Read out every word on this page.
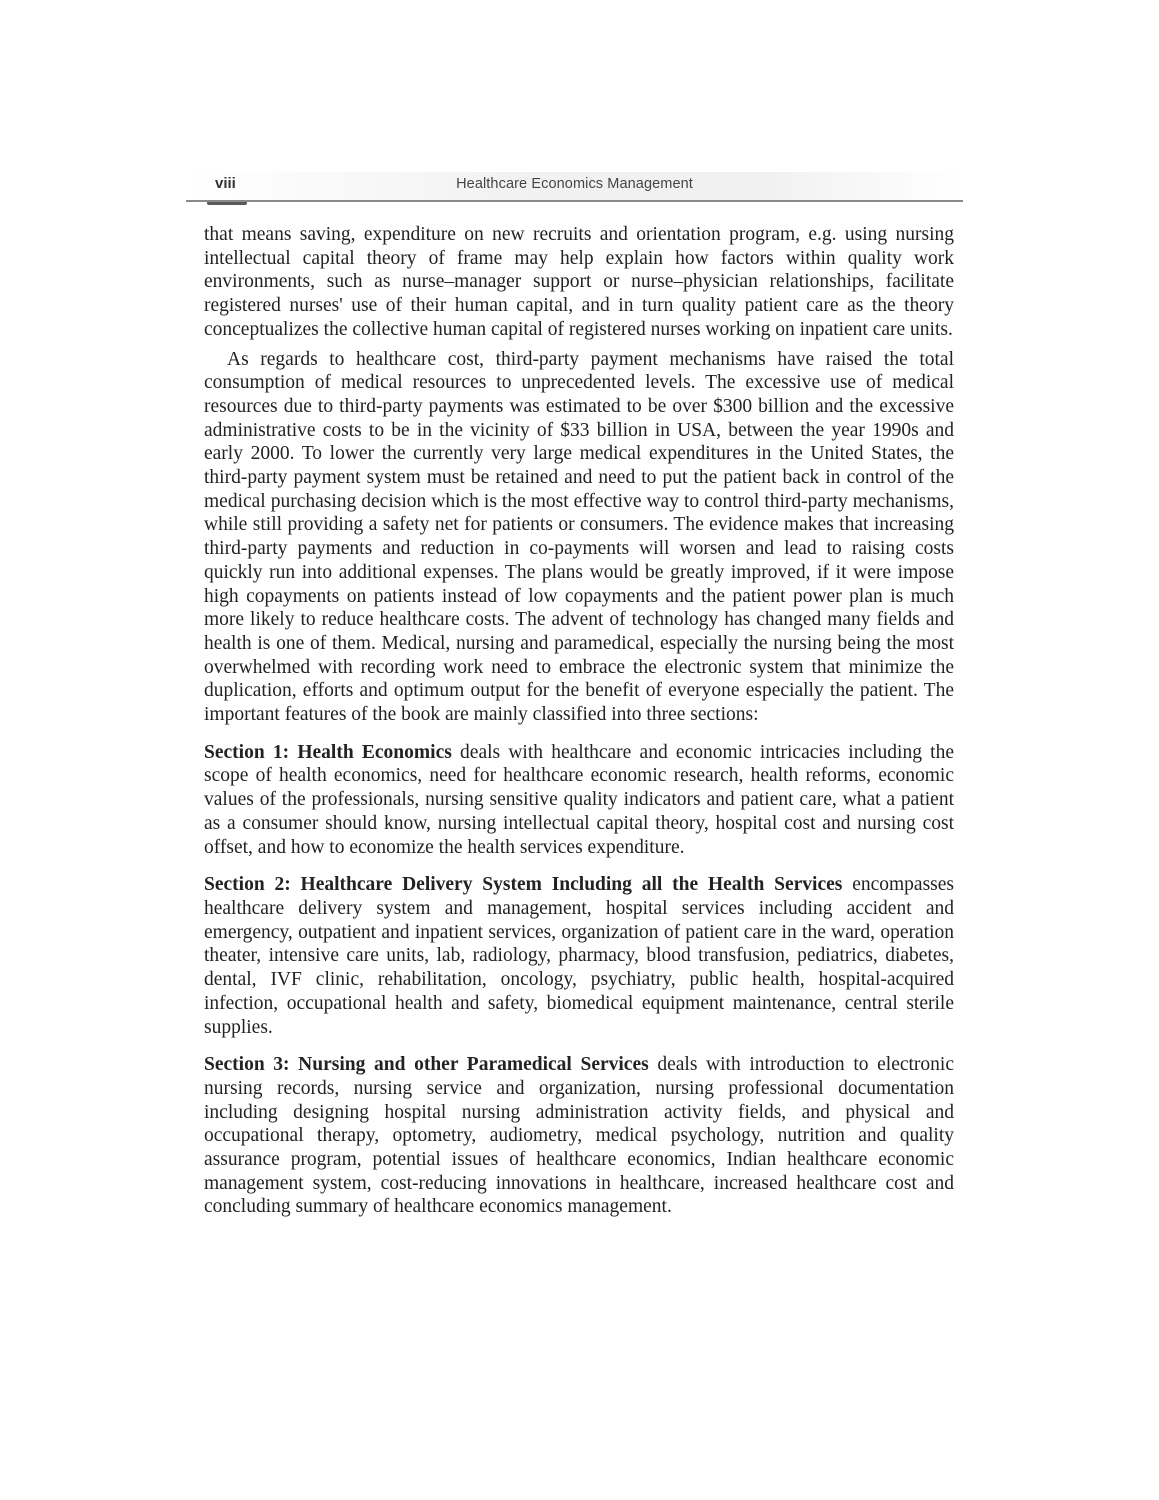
viii	Healthcare Economics Management

that means saving, expenditure on new recruits and orientation program, e.g. using nursing intellectual capital theory of frame may help explain how factors within quality work environments, such as nurse–manager support or nurse–physician relationships, facilitate registered nurses' use of their human capital, and in turn quality patient care as the theory conceptualizes the collective human capital of registered nurses working on inpatient care units.

As regards to healthcare cost, third-party payment mechanisms have raised the total consumption of medical resources to unprecedented levels. The excessive use of medical resources due to third-party payments was estimated to be over $300 billion and the excessive administrative costs to be in the vicinity of $33 billion in USA, between the year 1990s and early 2000. To lower the currently very large medical expenditures in the United States, the third-party payment system must be retained and need to put the patient back in control of the medical purchasing decision which is the most effective way to control third-party mechanisms, while still providing a safety net for patients or consumers. The evidence makes that increasing third-party payments and reduction in co-payments will worsen and lead to raising costs quickly run into additional expenses. The plans would be greatly improved, if it were impose high copayments on patients instead of low copayments and the patient power plan is much more likely to reduce healthcare costs. The advent of technology has changed many fields and health is one of them. Medical, nursing and paramedical, especially the nursing being the most overwhelmed with recording work need to embrace the electronic system that minimize the duplication, efforts and optimum output for the benefit of everyone especially the patient. The important features of the book are mainly classified into three sections:

Section 1: Health Economics deals with healthcare and economic intricacies including the scope of health economics, need for healthcare economic research, health reforms, economic values of the professionals, nursing sensitive quality indicators and patient care, what a patient as a consumer should know, nursing intellectual capital theory, hospital cost and nursing cost offset, and how to economize the health services expenditure.

Section 2: Healthcare Delivery System Including all the Health Services encompasses healthcare delivery system and management, hospital services including accident and emergency, outpatient and inpatient services, organization of patient care in the ward, operation theater, intensive care units, lab, radiology, pharmacy, blood transfusion, pediatrics, diabetes, dental, IVF clinic, rehabilitation, oncology, psychiatry, public health, hospital-acquired infection, occupational health and safety, biomedical equipment maintenance, central sterile supplies.

Section 3: Nursing and other Paramedical Services deals with introduction to electronic nursing records, nursing service and organization, nursing professional documentation including designing hospital nursing administration activity fields, and physical and occupational therapy, optometry, audiometry, medical psychology, nutrition and quality assurance program, potential issues of healthcare economics, Indian healthcare economic management system, cost-reducing innovations in healthcare, increased healthcare cost and concluding summary of healthcare economics management.
